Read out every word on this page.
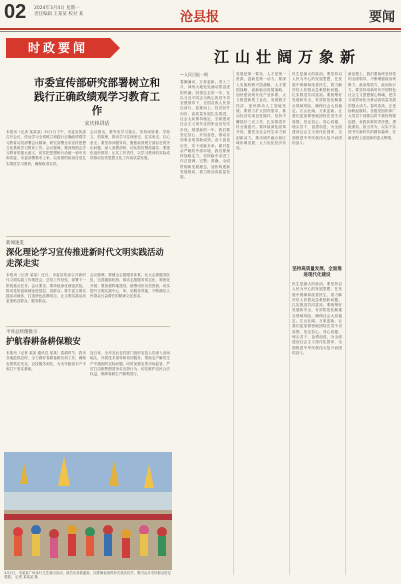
02 2024年3月4日 星期一
责任编辑 王某某 校对 某	沧县报	要闻
时政要闻
市委宣传部研究部署树立和践行正确政绩观学习教育工作
宋庆林讲话
本报讯（记者 某某某）3月1日下午，市委宣传部召开会议，传达学习全省树立和践行正确政绩观学习教育动员部署会议精神，研究部署全市宣传思想文化系统学习教育工作。会议强调，要深刻领会学习教育的重大意义，切实把思想和行动统一到中央和省委、市委部署要求上来，以高度的政治自觉扎实推进学习教育，确保取得实效。
会议指出，要突出学习重点，坚持读原著、学原文、悟原理，推动学习往深里走、往实里走、往心里走；要坚持问题导向，聚焦政绩观方面存在的突出问题，深入查摆剖析，切实抓好整改落实；要强化组织领导，压实工作责任，以学习教育的实际成效推动宣传思想文化工作高质量发展。
新闻速览
深化理论学习宣传推进新时代文明实践活动走深走实
本报讯（记者 某某）近日，市委宣传部召开新时代文明实践工作推进会，总结工作经验，部署下一阶段重点任务。会议要求，要持续深化理论武装，推动党的创新理论进基层、进群众；要丰富文明实践活动载体，打造特色品牌项目，让文明实践活动更加贴近群众、服务群众。
会议强调，要健全志愿服务体系，壮大志愿服务队伍，完善激励机制，推动志愿服务常态化、制度化开展；要加强阵地建设，统筹用好各类资源，切实提升文明实践中心、所、站服务效能，不断满足人民群众日益增长的精神文化需求。
平亮总经理批示
护航春耕备耕保粮安
本报讯（记者 某某 通讯员 某某）春耕时节，我市各地抢抓农时，全力做好春耕备耕各项工作，确保农资供应充足、农技服务到位，为全年粮食丰产丰收打下坚实基础。
连日来，全市农业农村部门组织农技人员深入田间地头，开展技术指导和培训服务，帮助农户解决生产中遇到的实际问题。同时加强农资市场监管，严厉打击制售假冒伪劣农资行为，切实维护农民合法权益，保障春耕生产顺利进行。
3月1日，市某某广场举行文艺演出活动，演员们身着盛装，以歌舞表演的形式欢庆佳节，吸引众多市民群众驻足观看。 记者 某某某 摄
江山壮阔万象新
—人民日报一则
春潮涌动，万象更新。进入三月，神州大地处处涌动着奋进的热潮。回望过去的一年，在以习近平同志为核心的党中央坚强领导下，全国各族人民顶压前行、迎难而上，经济回升向好，高质量发展扎实推进，社会大局保持稳定，全面建设社会主义现代化国家迈出坚实步伐。展望新的一年，我们要坚定信心、开拓奋进，推动各项事业取得新成效。奋斗创造历史，实干成就未来。面对复杂严峻的外部环境，我们要保持战略定力，坚持稳中求进工作总基调，完整、准确、全面贯彻新发展理念，加快构建新发展格局，着力推动高质量发展。
发展是第一要务，人才是第一资源，创新是第一动力。要深入实施科教兴国战略、人才强国战略、创新驱动发展战略，加快建设现代化产业体系，大力推进新型工业化，发展数字经济，加快推动人工智能发展。要着力扩大国内需求，推动经济实现良性循环，坚持不懈抓好三农工作，扎实推进乡村全面振兴。要持续深化改革开放，激发全社会内生动力和创新活力，推动城乡融合和区域协调发展，大力优化经济布局。
民生是最大的政治。要坚持以人民为中心的发展思想，在发展中保障和改善民生，着力解决好人民群众急难愁盼问题，扎实推进共同富裕。要统筹好发展和安全，有效防范化解重点领域风险，确保社会大局稳定。江山壮阔，万象更新。让我们更加紧密地团结在党中央周围，坚定信心、同心同德，埋头苦干、奋勇前进，为全面建设社会主义现代化国家、全面推进中华民族伟大复兴而团结奋斗。
坚持高质量发展，全面推进现代化建设
民生是最大的政治。要坚持以人民为中心的发展思想，在发展中保障和改善民生，着力解决好人民群众急难愁盼问题，扎实推进共同富裕。要统筹好发展和安全，有效防范化解重点领域风险，确保社会大局稳定。江山壮阔，万象更新。让我们更加紧密地团结在党中央周围，坚定信心、同心同德，埋头苦干、奋勇前进，为全面建设社会主义现代化国家、全面推进中华民族伟大复兴而团结奋斗。
新征程上，我们要始终坚持党的全面领导，不断增强政治判断力、政治领悟力、政治执行力。要坚持用新时代中国特色社会主义思想凝心铸魂，把学习成效转化为推动高质量发展的强大动力。春风浩荡，正是扬帆起航时。各级党组织和广大党员干部要以时不我待的紧迫感、舍我其谁的责任感，勇挑重担、担当作为，以实干实绩书写新时代的精彩篇章，在新征程上创造新的更大辉煌。
